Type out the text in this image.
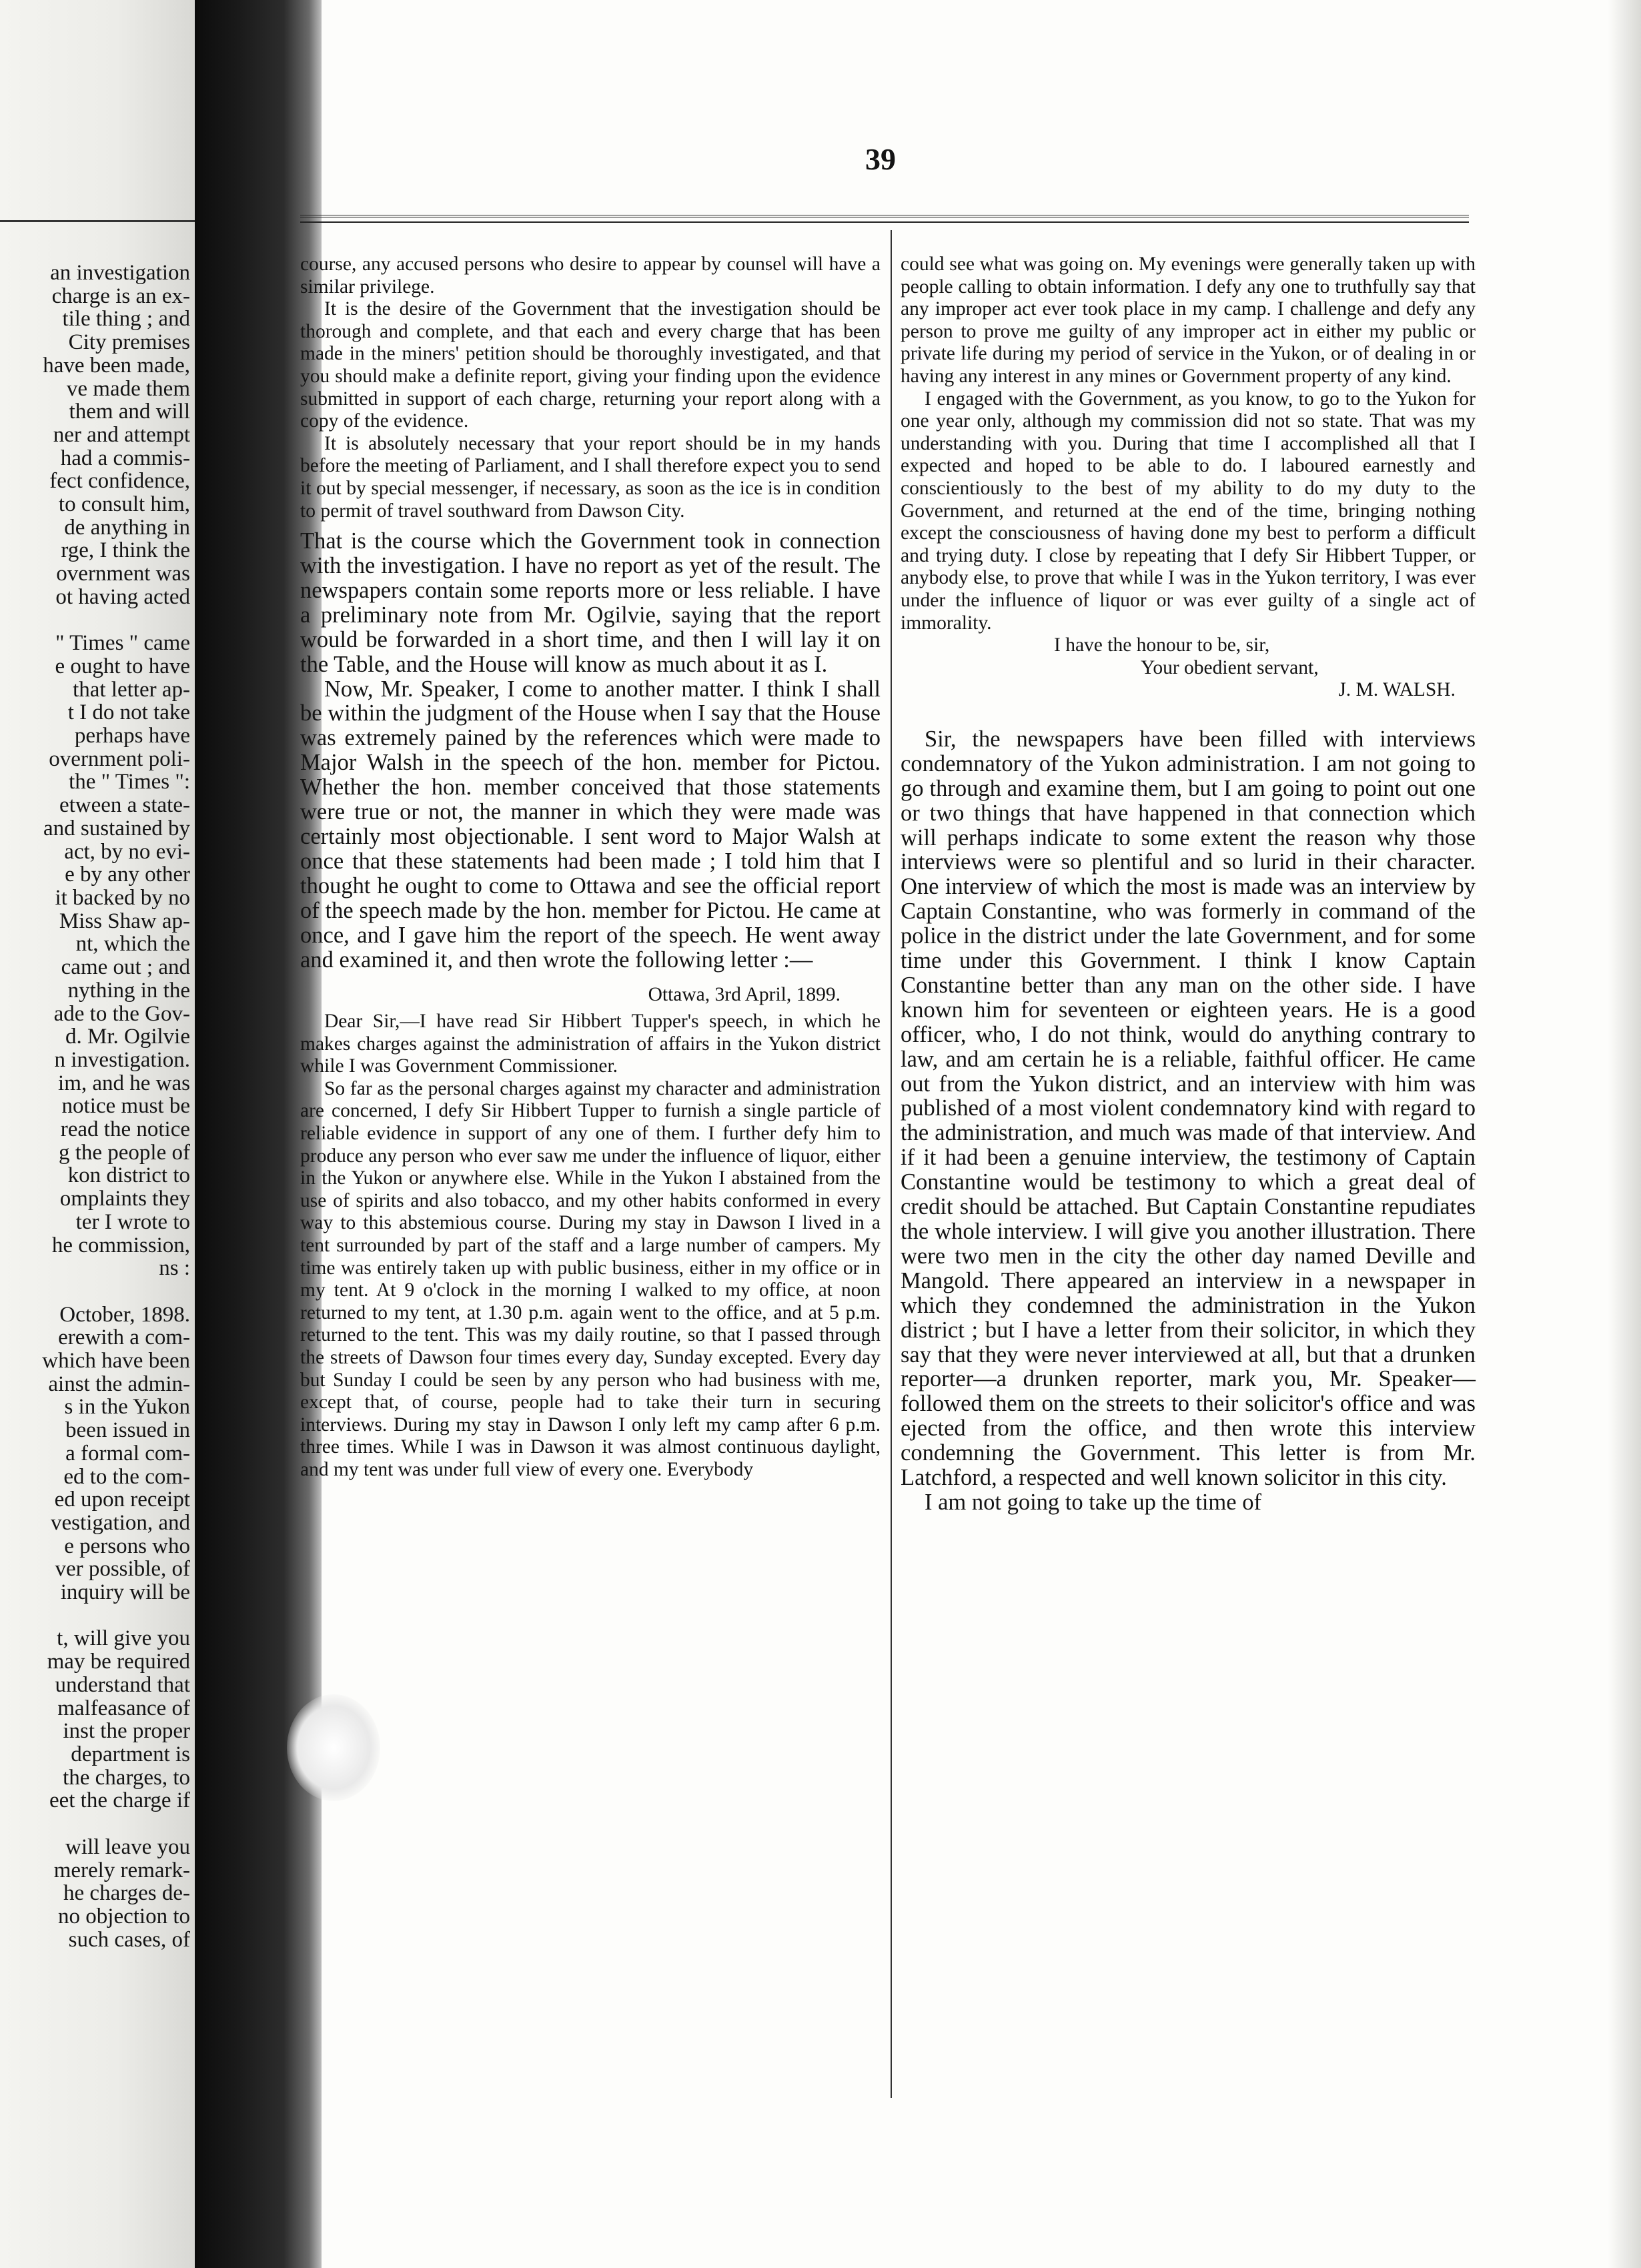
an investigation
charge is an ex-
tile thing ; and
City premises
have been made,
ve made them
them and will
ner and attempt
had a commis-
fect confidence,
to consult him,
de anything in
rge, I think the
overnment was
ot having acted

" Times " came
e ought to have
that letter ap-
t I do not take
perhaps have
overnment poli-
the " Times ":
etween a state-
and sustained by
act, by no evi-
e by any other
it backed by no
Miss Shaw ap-
nt, which the
came out ; and
nything in the
ade to the Gov-
d. Mr. Ogilvie
n investigation.
im, and he was
notice must be
read the notice
g the people of
kon district to
omplaints they
ter I wrote to
he commission,
ns :

October, 1898.
erewith a com-
which have been
ainst the admin-
s in the Yukon
been issued in
a formal com-
ed to the com-
ed upon receipt
vestigation, and
e persons who
ver possible, of
inquiry will be

t, will give you
may be required
understand that
malfeasance of
inst the proper
department is
the charges, to
eet the charge if

will leave you
merely remark-
he charges de-
no objection to
such cases, of
39

course, any accused persons who desire to appear by counsel will have a similar privilege.

It is the desire of the Government that the investigation should be thorough and complete, and that each and every charge that has been made in the miners' petition should be thoroughly investigated, and that you should make a definite report, giving your finding upon the evidence submitted in support of each charge, returning your report along with a copy of the evidence.

It is absolutely necessary that your report should be in my hands before the meeting of Parliament, and I shall therefore expect you to send it out by special messenger, if necessary, as soon as the ice is in condition to permit of travel southward from Dawson City.

That is the course which the Government took in connection with the investigation. I have no report as yet of the result. The newspapers contain some reports more or less reliable. I have a preliminary note from Mr. Ogilvie, saying that the report would be forwarded in a short time, and then I will lay it on the Table, and the House will know as much about it as I.

Now, Mr. Speaker, I come to another matter. I think I shall be within the judgment of the House when I say that the House was extremely pained by the references which were made to Major Walsh in the speech of the hon. member for Pictou. Whether the hon. member conceived that those statements were true or not, the manner in which they were made was certainly most objectionable. I sent word to Major Walsh at once that these statements had been made ; I told him that I thought he ought to come to Ottawa and see the official report of the speech made by the hon. member for Pictou. He came at once, and I gave him the report of the speech. He went away and examined it, and then wrote the following letter :—

Ottawa, 3rd April, 1899.

Dear Sir,—I have read Sir Hibbert Tupper's speech, in which he makes charges against the administration of affairs in the Yukon district while I was Government Commissioner.

So far as the personal charges against my character and administration are concerned, I defy Sir Hibbert Tupper to furnish a single particle of reliable evidence in support of any one of them. I further defy him to produce any person who ever saw me under the influence of liquor, either in the Yukon or anywhere else. While in the Yukon I abstained from the use of spirits and also tobacco, and my other habits conformed in every way to this abstemious course. During my stay in Dawson I lived in a tent surrounded by part of the staff and a large number of campers. My time was entirely taken up with public business, either in my office or in my tent. At 9 o'clock in the morning I walked to my office, at noon returned to my tent, at 1.30 p.m. again went to the office, and at 5 p.m. returned to the tent. This was my daily routine, so that I passed through the streets of Dawson four times every day, Sunday excepted. Every day but Sunday I could be seen by any person who had business with me, except that, of course, people had to take their turn in securing interviews. During my stay in Dawson I only left my camp after 6 p.m. three times. While I was in Dawson it was almost continuous daylight, and my tent was under full view of every one. Everybody

could see what was going on. My evenings were generally taken up with people calling to obtain information. I defy any one to truthfully say that any improper act ever took place in my camp. I challenge and defy any person to prove me guilty of any improper act in either my public or private life during my period of service in the Yukon, or of dealing in or having any interest in any mines or Government property of any kind.

I engaged with the Government, as you know, to go to the Yukon for one year only, although my commission did not so state. That was my understanding with you. During that time I accomplished all that I expected and hoped to be able to do. I laboured earnestly and conscientiously to the best of my ability to do my duty to the Government, and returned at the end of the time, bringing nothing except the consciousness of having done my best to perform a difficult and trying duty. I close by repeating that I defy Sir Hibbert Tupper, or anybody else, to prove that while I was in the Yukon territory, I was ever under the influence of liquor or was ever guilty of a single act of immorality.

I have the honour to be, sir,
Your obedient servant,
J. M. WALSH.

Sir, the newspapers have been filled with interviews condemnatory of the Yukon administration. I am not going to go through and examine them, but I am going to point out one or two things that have happened in that connection which will perhaps indicate to some extent the reason why those interviews were so plentiful and so lurid in their character. One interview of which the most is made was an interview by Captain Constantine, who was formerly in command of the police in the district under the late Government, and for some time under this Government. I think I know Captain Constantine better than any man on the other side. I have known him for seventeen or eighteen years. He is a good officer, who, I do not think, would do anything contrary to law, and am certain he is a reliable, faithful officer. He came out from the Yukon district, and an interview with him was published of a most violent condemnatory kind with regard to the administration, and much was made of that interview. And if it had been a genuine interview, the testimony of Captain Constantine would be testimony to which a great deal of credit should be attached. But Captain Constantine repudiates the whole interview. I will give you another illustration. There were two men in the city the other day named Deville and Mangold. There appeared an interview in a newspaper in which they condemned the administration in the Yukon district ; but I have a letter from their solicitor, in which they say that they were never interviewed at all, but that a drunken reporter—a drunken reporter, mark you, Mr. Speaker—followed them on the streets to their solicitor's office and was ejected from the office, and then wrote this interview condemning the Government. This letter is from Mr. Latchford, a respected and well known solicitor in this city.

I am not going to take up the time of
